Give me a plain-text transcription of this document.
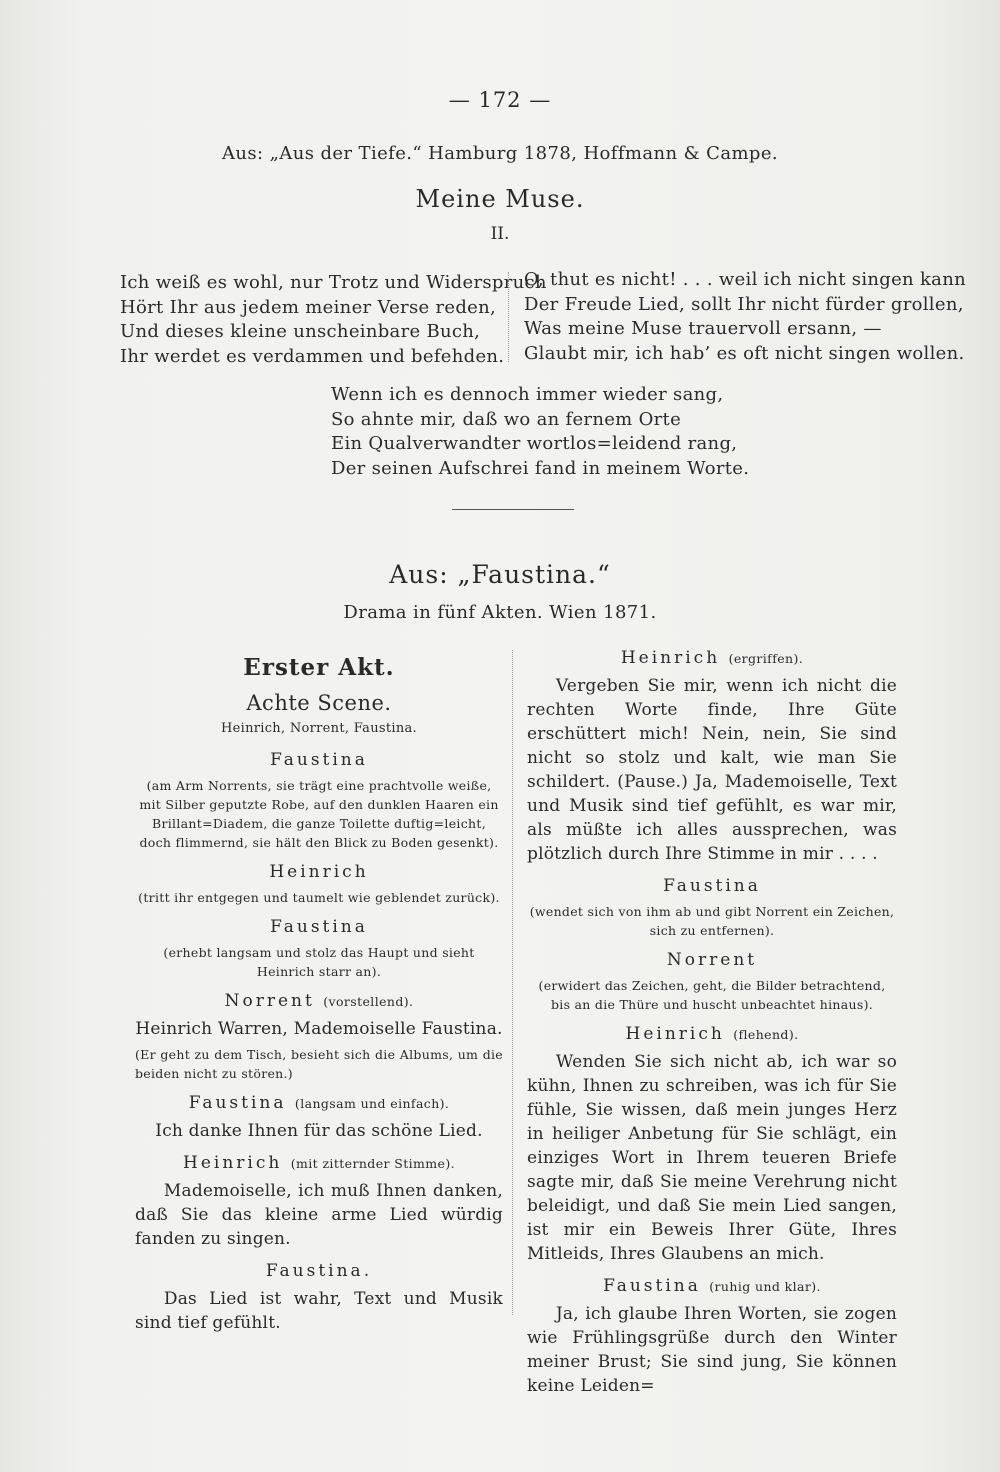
— 172 —
Aus: „Aus der Tiefe.“ Hamburg 1878, Hoffmann & Campe.
Meine Muse.
II.
Ich weiß es wohl, nur Trotz und Widerspruch
Hört Ihr aus jedem meiner Verse reden,
Und dieses kleine unscheinbare Buch,
Ihr werdet es verdammen und befehden.
O, thut es nicht! . . . weil ich nicht singen kann
Der Freude Lied, sollt Ihr nicht fürder grollen,
Was meine Muse trauervoll ersann, —
Glaubt mir, ich hab’ es oft nicht singen wollen.
Wenn ich es dennoch immer wieder sang,
So ahnte mir, daß wo an fernem Orte
Ein Qualverwandter wortlos=leidend rang,
Der seinen Aufschrei fand in meinem Worte.
Aus: „Faustina.“
Drama in fünf Akten. Wien 1871.
Erster Akt.
Achte Scene.
Heinrich, Norrent, Faustina.
Faustina
(am Arm Norrents, sie trägt eine prachtvolle weiße, mit Silber geputzte Robe, auf den dunklen Haaren ein Brillant=Diadem, die ganze Toilette duftig=leicht, doch flimmernd, sie hält den Blick zu Boden gesenkt).
Heinrich
(tritt ihr entgegen und taumelt wie geblendet zurück).
Faustina
(erhebt langsam und stolz das Haupt und sieht Heinrich starr an).
Norrent (vorstellend).
Heinrich Warren, Mademoiselle Faustina.
(Er geht zu dem Tisch, besieht sich die Albums, um die beiden nicht zu stören.)
Faustina (langsam und einfach).
Ich danke Ihnen für das schöne Lied.
Heinrich (mit zitternder Stimme).
Mademoiselle, ich muß Ihnen danken, daß Sie das kleine arme Lied würdig fanden zu singen.
Faustina.
Das Lied ist wahr, Text und Musik sind tief gefühlt.
Heinrich (ergriffen).
Vergeben Sie mir, wenn ich nicht die rechten Worte finde, Ihre Güte erschüttert mich! Nein, nein, Sie sind nicht so stolz und kalt, wie man Sie schildert. (Pause.) Ja, Mademoiselle, Text und Musik sind tief gefühlt, es war mir, als müßte ich alles aussprechen, was plötzlich durch Ihre Stimme in mir . . . .
Faustina
(wendet sich von ihm ab und gibt Norrent ein Zeichen, sich zu entfernen).
Norrent
(erwidert das Zeichen, geht, die Bilder betrachtend, bis an die Thüre und huscht unbeachtet hinaus).
Heinrich (flehend).
Wenden Sie sich nicht ab, ich war so kühn, Ihnen zu schreiben, was ich für Sie fühle, Sie wissen, daß mein junges Herz in heiliger Anbetung für Sie schlägt, ein einziges Wort in Ihrem teueren Briefe sagte mir, daß Sie meine Verehrung nicht beleidigt, und daß Sie mein Lied sangen, ist mir ein Beweis Ihrer Güte, Ihres Mitleids, Ihres Glaubens an mich.
Faustina (ruhig und klar).
Ja, ich glaube Ihren Worten, sie zogen wie Frühlingsgrüße durch den Winter meiner Brust; Sie sind jung, Sie können keine Leiden=
